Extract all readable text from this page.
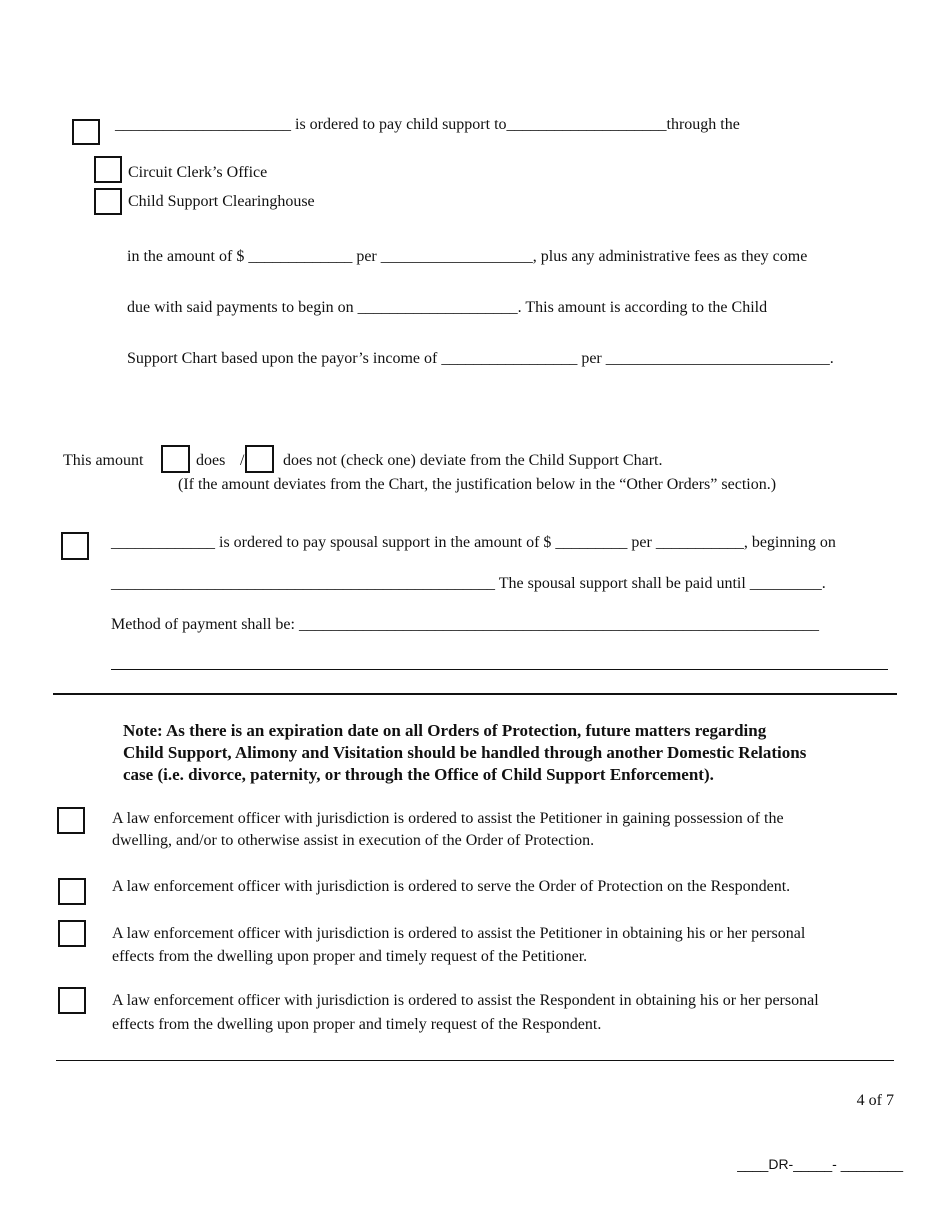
______________________ is ordered to pay child support to____________________through the
Circuit Clerk’s Office
Child Support Clearinghouse
in the amount of $ _____________ per ___________________, plus any administrative fees as they come
due with said payments to begin on ____________________. This amount is according to the Child
Support Chart based upon the payor’s income of _________________ per ____________________________.
This amount	does / does not (check one) deviate from the Child Support Chart.
(If the amount deviates from the Chart, the justification below in the “Other Orders” section.)
_____________ is ordered to pay spousal support in the amount of $ _________ per ___________, beginning on
________________________________________________ The spousal support shall be paid until _________.
Method of payment shall be: _________________________________________________________________
Note: As there is an expiration date on all Orders of Protection, future matters regarding
Child Support, Alimony and Visitation should be handled through another Domestic Relations
case (i.e. divorce, paternity, or through the Office of Child Support Enforcement).
A law enforcement officer with jurisdiction is ordered to assist the Petitioner in gaining possession of the
dwelling, and/or to otherwise assist in execution of the Order of Protection.
A law enforcement officer with jurisdiction is ordered to serve the Order of Protection on the Respondent.
A law enforcement officer with jurisdiction is ordered to assist the Petitioner in obtaining his or her personal
effects from the dwelling upon proper and timely request of the Petitioner.
A law enforcement officer with jurisdiction is ordered to assist the Respondent in obtaining his or her personal
effects from the dwelling upon proper and timely request of the Respondent.
4 of 7
____DR-_____- ________
